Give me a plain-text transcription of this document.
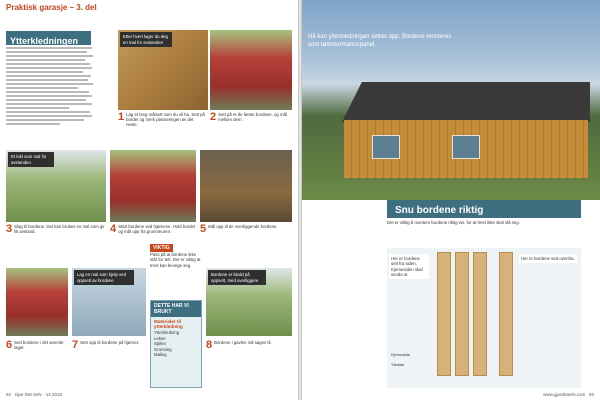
Praktisk garasje – 3. del
Ytterkledningen	Etter hvert lager du deg en mal for avstanden
1 Lag et lang målsett som du vil ha. Sett på bordet og merk plasseringen av det neste.
2 Sett på et de første bordene, og mål mellom dem.
Et lekt som mal for avstanden
3 Slag til bordene. Det kan brukes en mal som gir lik avstand.	4 Start bordene ved hjørnene. Hold bordet og mål opp fra grunnmuren.	5 Mål opp til de overliggende bordene.
Lag en mal som hjelp ved oppsett av bordene
Bordene er kledd på oppsett, med overliggere
6 Sett bordene i det øverste laget.	7 Sett opp til bordene på hjørnet.	8 Bordene i gavlen må sages til.
VIKTIG
Pass på at bordene ikke står for tett. Det er viktig at treet kan bevege seg.
DETTE HAR VI BRUKT
Materialer til ytterkledning
Ytterkledning
Lekter
Spiker
Grunning
Maling
92 Gjør Det Selv · 14 2015
Nå kan ytterkledningen settes opp. Bordene monteres som tømmermannspanel.
Snu bordene riktig
Det er viktig å montere bordene riktig vei, for at treet ikke skal slå seg.
Her er bordene sett fra siden. Kjernesiden skal vende ut.
Her er bordene sett ovenfra.
Kjerneside
Yteside
www.gjordetselv.com 93
